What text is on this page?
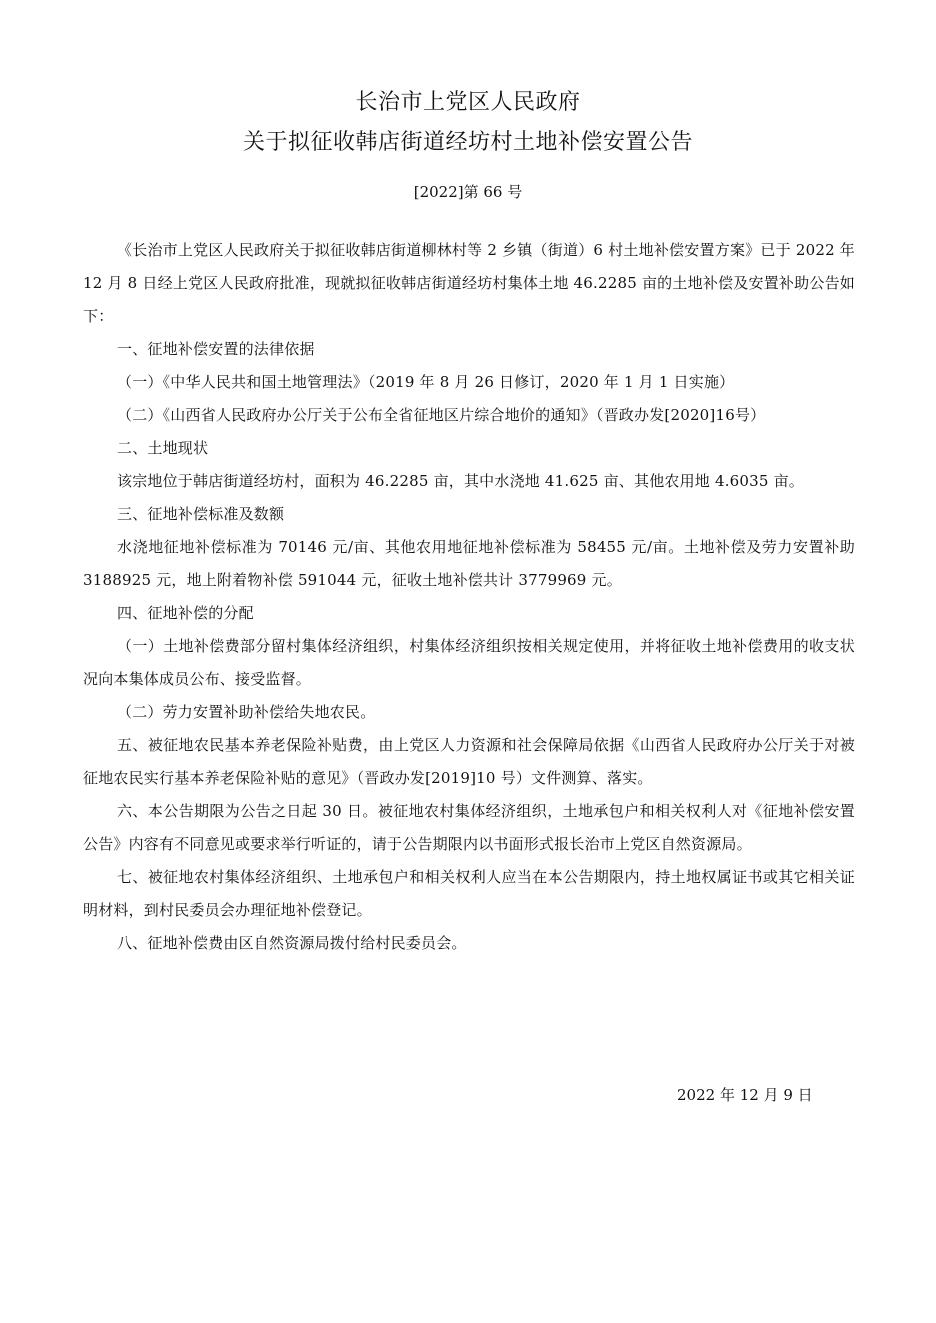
长治市上党区人民政府
关于拟征收韩店街道经坊村土地补偿安置公告
[2022]第 66 号

《长治市上党区人民政府关于拟征收韩店街道柳林村等 2 乡镇（街道）6 村土地补偿安置方案》已于 2022 年 12 月 8 日经上党区人民政府批准，现就拟征收韩店街道经坊村集体土地 46.2285 亩的土地补偿及安置补助公告如下：

一、征地补偿安置的法律依据

（一）《中华人民共和国土地管理法》（2019 年 8 月 26 日修订，2020 年 1 月 1 日实施）

（二）《山西省人民政府办公厅关于公布全省征地区片综合地价的通知》（晋政办发[2020]16号）

二、土地现状

该宗地位于韩店街道经坊村，面积为 46.2285 亩，其中水浇地 41.625 亩、其他农用地 4.6035 亩。

三、征地补偿标准及数额

水浇地征地补偿标准为 70146 元/亩、其他农用地征地补偿标准为 58455 元/亩。土地补偿及劳力安置补助 3188925 元，地上附着物补偿 591044 元，征收土地补偿共计 3779969 元。

四、征地补偿的分配

（一）土地补偿费部分留村集体经济组织，村集体经济组织按相关规定使用，并将征收土地补偿费用的收支状况向本集体成员公布、接受监督。

（二）劳力安置补助补偿给失地农民。

五、被征地农民基本养老保险补贴费，由上党区人力资源和社会保障局依据《山西省人民政府办公厅关于对被征地农民实行基本养老保险补贴的意见》（晋政办发[2019]10 号）文件测算、落实。

六、本公告期限为公告之日起 30 日。被征地农村集体经济组织，土地承包户和相关权利人对《征地补偿安置公告》内容有不同意见或要求举行听证的，请于公告期限内以书面形式报长治市上党区自然资源局。

七、被征地农村集体经济组织、土地承包户和相关权利人应当在本公告期限内，持土地权属证书或其它相关证明材料，到村民委员会办理征地补偿登记。

八、征地补偿费由区自然资源局拨付给村民委员会。

2022 年 12 月 9 日
